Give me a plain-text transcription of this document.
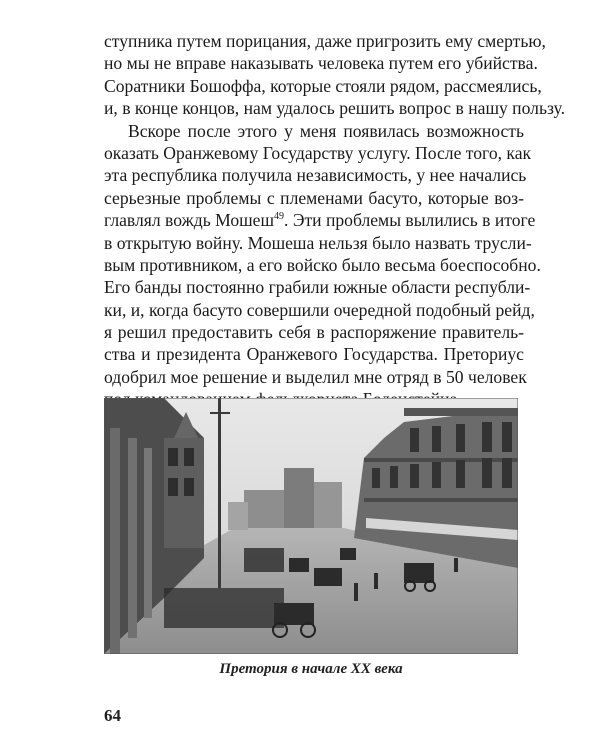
ступника путем порицания, даже пригрозить ему смертью,
но мы не вправе наказывать человека путем его убийства.
Соратники Бошоффа, которые стояли рядом, рассмеялись,
и, в конце концов, нам удалось решить вопрос в нашу пользу.
Вскоре после этого у меня появилась возможность
оказать Оранжевому Государству услугу. После того, как
эта республика получила независимость, у нее начались
серьезные проблемы с племенами басуто, которые воз-
главлял вождь Мошеш$^{49}$. Эти проблемы вылились в итоге
в открытую войну. Мошеша нельзя было назвать трусли-
вым противником, а его войско было весьма боеспособно.
Его банды постоянно грабили южные области республи-
ки, и, когда басуто совершили очередной подобный рейд,
я решил предоставить себя в распоряжение правитель-
ства и президента Оранжевого Государства. Преториус
одобрил мое решение и выделил мне отряд в 50 человек
Претория в начале XX века
64
